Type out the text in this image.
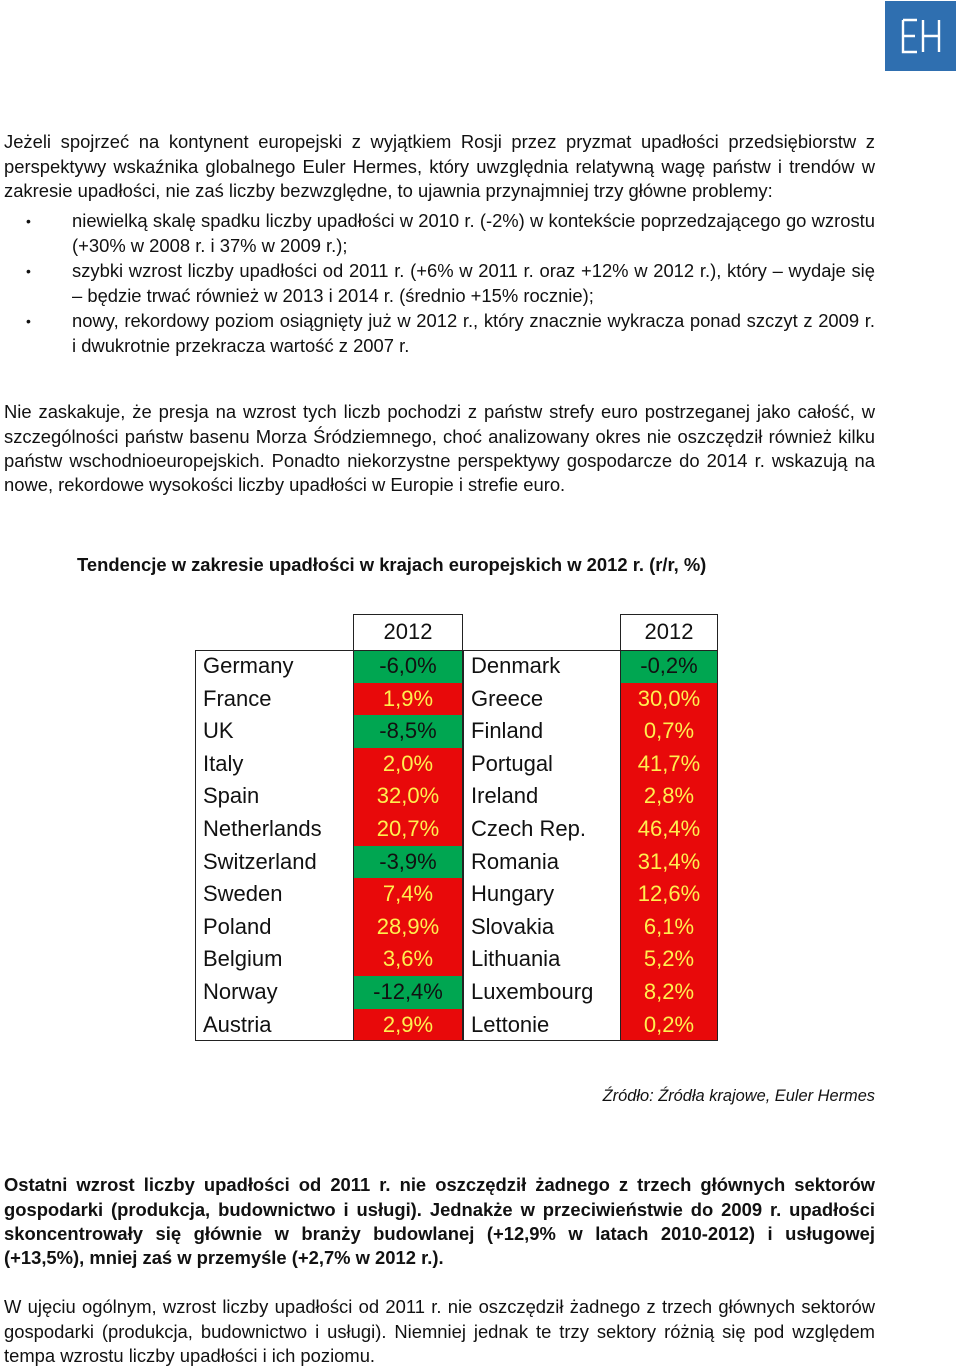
Jeżeli spojrzeć na kontynent europejski z wyjątkiem Rosji przez pryzmat upadłości przedsiębiorstw z perspektywy wskaźnika globalnego Euler Hermes, który uwzględnia relatywną wagę państw i trendów w zakresie upadłości, nie zaś liczby bezwzględne, to ujawnia przynajmniej trzy główne problemy:

• niewielką skalę spadku liczby upadłości w 2010 r. (-2%) w kontekście poprzedzającego go wzrostu (+30% w 2008 r. i 37% w 2009 r.);
• szybki wzrost liczby upadłości od 2011 r. (+6% w 2011 r. oraz +12% w 2012 r.), który – wydaje się – będzie trwać również w 2013 i 2014 r. (średnio +15% rocznie);
• nowy, rekordowy poziom osiągnięty już w 2012 r., który znacznie wykracza ponad szczyt z 2009 r. i dwukrotnie przekracza wartość z 2007 r.

Nie zaskakuje, że presja na wzrost tych liczb pochodzi z państw strefy euro postrzeganej jako całość, w szczególności państw basenu Morza Śródziemnego, choć analizowany okres nie oszczędził również kilku państw wschodnioeuropejskich. Ponadto niekorzystne perspektywy gospodarcze do 2014 r. wskazują na nowe, rekordowe wysokości liczby upadłości w Europie i strefie euro.

Tendencje w zakresie upadłości w krajach europejskich w 2012 r. (r/r, %)
2012	2012
Germany	-6,0%
France	1,9%
UK	-8,5%
Italy	2,0%
Spain	32,0%
Netherlands	20,7%
Switzerland	-3,9%
Sweden	7,4%
Poland	28,9%
Belgium	3,6%
Norway	-12,4%
Austria	2,9%
Denmark	-0,2%
Greece	30,0%
Finland	0,7%
Portugal	41,7%
Ireland	2,8%
Czech Rep.	46,4%
Romania	31,4%
Hungary	12,6%
Slovakia	6,1%
Lithuania	5,2%
Luxembourg	8,2%
Lettonie	0,2%
Źródło: Źródła krajowe, Euler Hermes

Ostatni wzrost liczby upadłości od 2011 r. nie oszczędził żadnego z trzech głównych sektorów gospodarki (produkcja, budownictwo i usługi). Jednakże w przeciwieństwie do 2009 r. upadłości skoncentrowały się głównie w branży budowlanej (+12,9% w latach 2010-2012) i usługowej (+13,5%), mniej zaś w przemyśle (+2,7% w 2012 r.).

W ujęciu ogólnym, wzrost liczby upadłości od 2011 r. nie oszczędził żadnego z trzech głównych sektorów gospodarki (produkcja, budownictwo i usługi). Niemniej jednak te trzy sektory różnią się pod względem tempa wzrostu liczby upadłości i ich poziomu.
